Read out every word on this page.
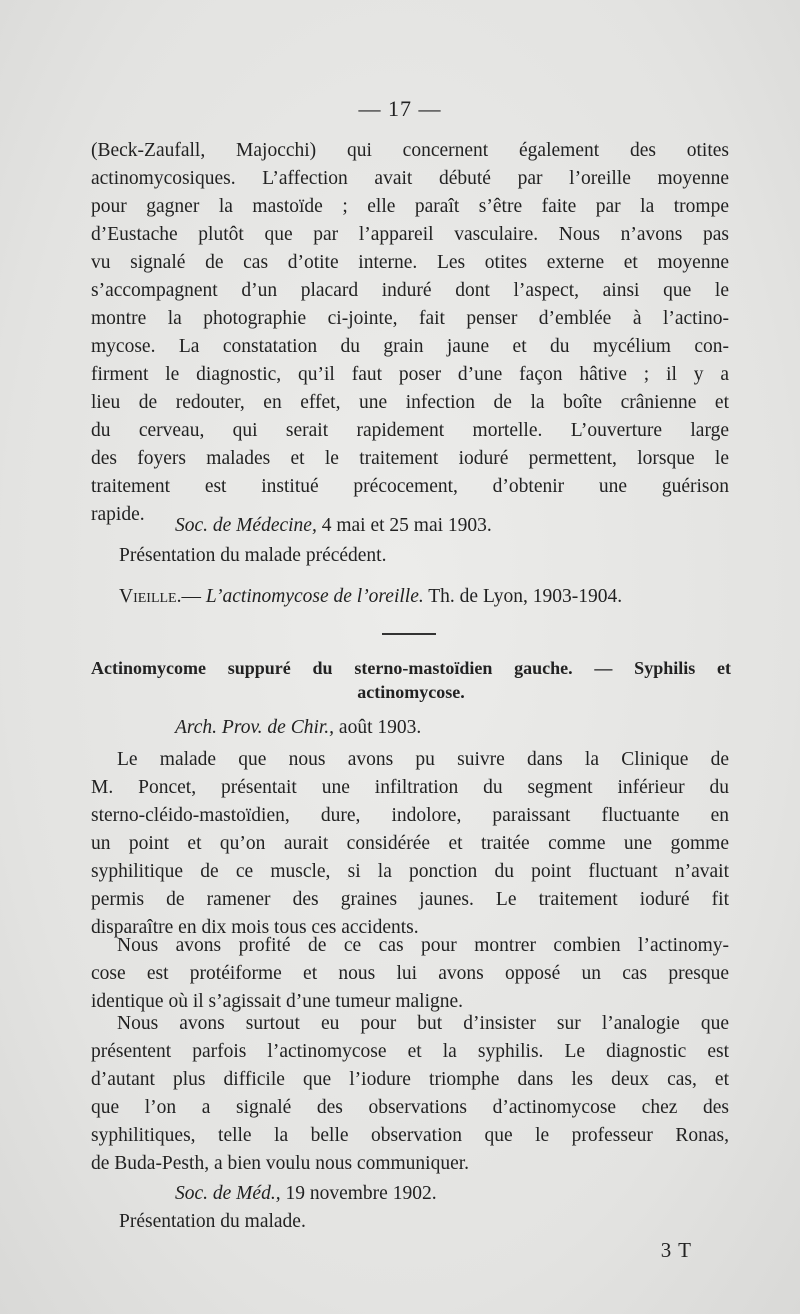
— 17 —
(Beck-Zaufall, Majocchi) qui concernent également des otites
actinomycosiques. L’affection avait débuté par l’oreille moyenne
pour gagner la mastoïde ; elle paraît s’être faite par la trompe
d’Eustache plutôt que par l’appareil vasculaire. Nous n’avons pas
vu signalé de cas d’otite interne. Les otites externe et moyenne
s’accompagnent d’un placard induré dont l’aspect, ainsi que le
montre la photographie ci-jointe, fait penser d’emblée à l’actino-
mycose. La constatation du grain jaune et du mycélium con-
firment le diagnostic, qu’il faut poser d’une façon hâtive ; il y a
lieu de redouter, en effet, une infection de la boîte crânienne et
du cerveau, qui serait rapidement mortelle. L’ouverture large
des foyers malades et le traitement ioduré permettent, lorsque le
traitement est institué précocement, d’obtenir une guérison
rapide.
Soc. de Médecine, 4 mai et 25 mai 1903.
Présentation du malade précédent.
Vieille.— L’actinomycose de l’oreille. Th. de Lyon, 1903-1904.
Actinomycome suppuré du sterno-mastoïdien gauche. — Syphilis et
actinomycose.
Arch. Prov. de Chir., août 1903.
Le malade que nous avons pu suivre dans la Clinique de
M. Poncet, présentait une infiltration du segment inférieur du
sterno-cléido-mastoïdien, dure, indolore, paraissant fluctuante en
un point et qu’on aurait considérée et traitée comme une gomme
syphilitique de ce muscle, si la ponction du point fluctuant n’avait
permis de ramener des graines jaunes. Le traitement ioduré fit
disparaître en dix mois tous ces accidents.
Nous avons profité de ce cas pour montrer combien l’actinomy-
cose est protéiforme et nous lui avons opposé un cas presque
identique où il s’agissait d’une tumeur maligne.
Nous avons surtout eu pour but d’insister sur l’analogie que
présentent parfois l’actinomycose et la syphilis. Le diagnostic est
d’autant plus difficile que l’iodure triomphe dans les deux cas, et
que l’on a signalé des observations d’actinomycose chez des
syphilitiques, telle la belle observation que le professeur Ronas,
de Buda-Pesth, a bien voulu nous communiquer.
Soc. de Méd., 19 novembre 1902.
Présentation du malade.
3 T
